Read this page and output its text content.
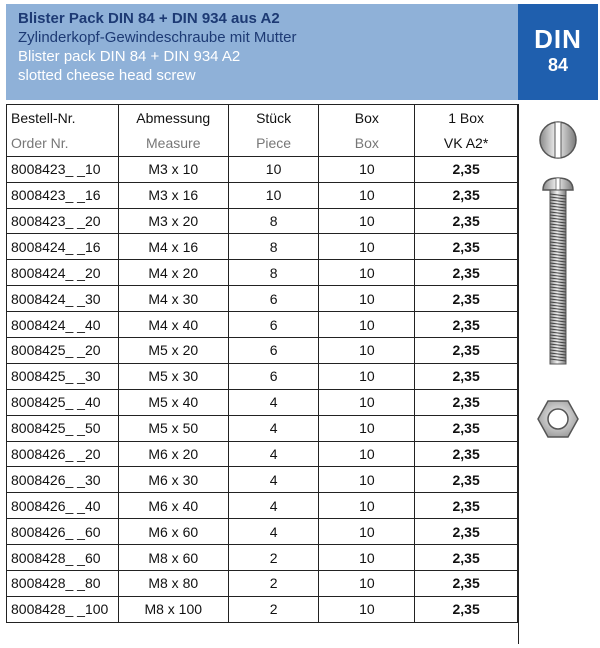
Blister Pack DIN 84 + DIN 934 aus A2
Zylinderkopf-Gewindeschraube mit Mutter
Blister pack DIN 84 + DIN 934 A2
slotted cheese head screw
DIN
84
Bestell-Nr.	Abmessung	Stück	Box	1 Box
Order Nr.	Measure	Piece	Box	VK A2*
8008423_ _10	M3 x 10	10	10	2,35
8008423_ _16	M3 x 16	10	10	2,35
8008423_ _20	M3 x 20	8	10	2,35
8008424_ _16	M4 x 16	8	10	2,35
8008424_ _20	M4 x 20	8	10	2,35
8008424_ _30	M4 x 30	6	10	2,35
8008424_ _40	M4 x 40	6	10	2,35
8008425_ _20	M5 x 20	6	10	2,35
8008425_ _30	M5 x 30	6	10	2,35
8008425_ _40	M5 x 40	4	10	2,35
8008425_ _50	M5 x 50	4	10	2,35
8008426_ _20	M6 x 20	4	10	2,35
8008426_ _30	M6 x 30	4	10	2,35
8008426_ _40	M6 x 40	4	10	2,35
8008426_ _60	M6 x 60	4	10	2,35
8008428_ _60	M8 x 60	2	10	2,35
8008428_ _80	M8 x 80	2	10	2,35
8008428_ _100	M8 x 100	2	10	2,35
